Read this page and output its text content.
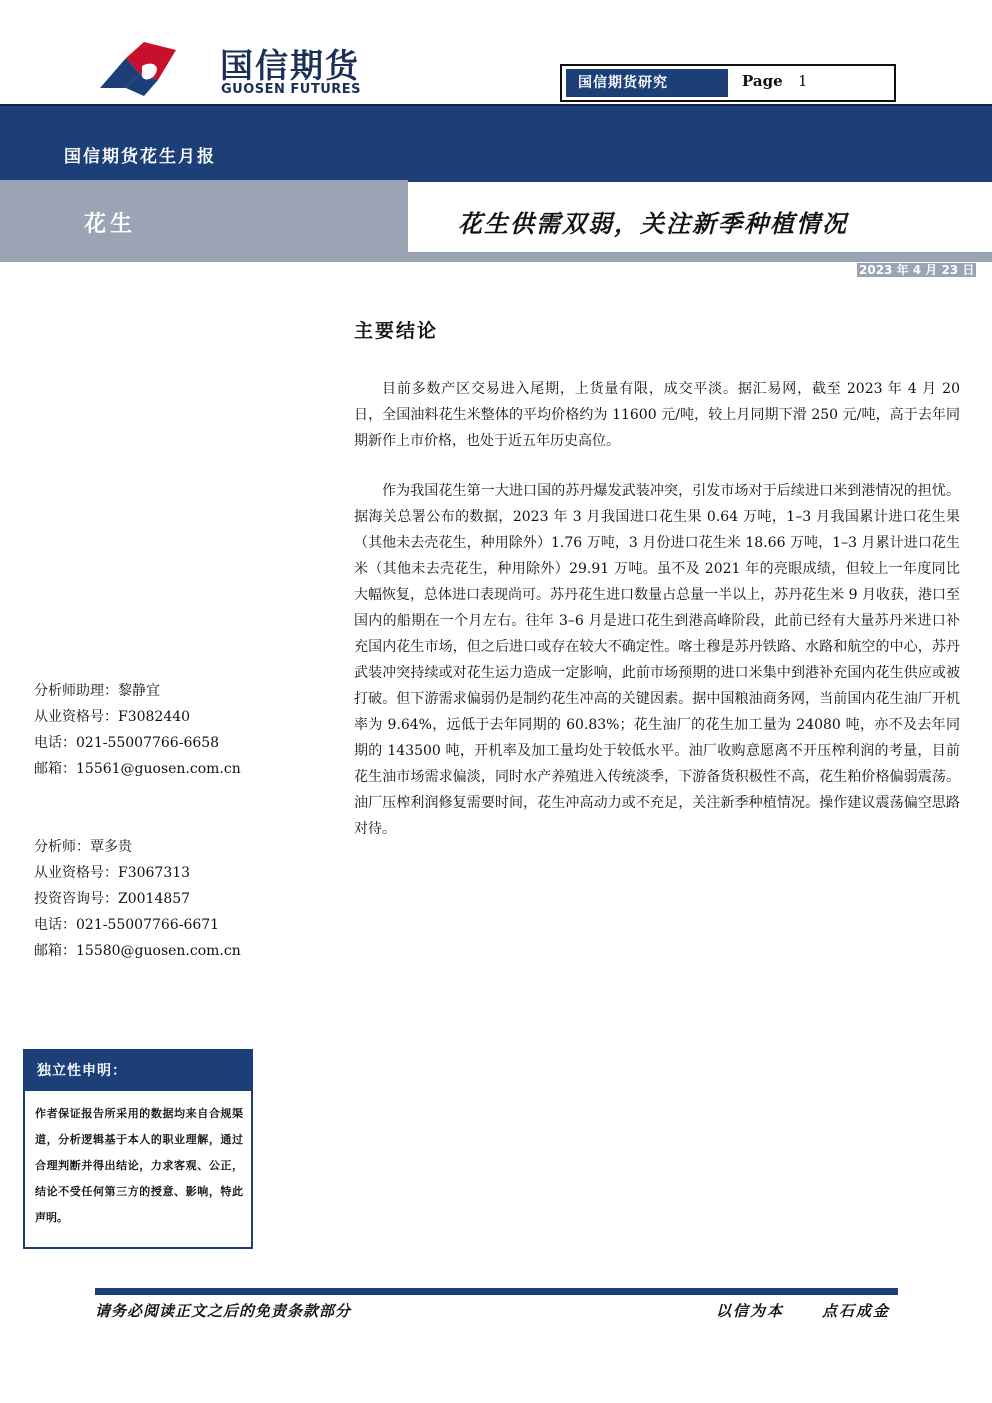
国信期货
GUOSEN FUTURES	国信期货研究	Page 1
国信期货花生月报
花生	花生供需双弱，关注新季种植情况
2023 年 4 月 23 日
主要结论
目前多数产区交易进入尾期，上货量有限，成交平淡。据汇易网，截至 2023 年 4 月 20 日，全国油料花生米整体的平均价格约为 11600 元/吨，较上月同期下滑 250 元/吨，高于去年同期新作上市价格，也处于近五年历史高位。
作为我国花生第一大进口国的苏丹爆发武装冲突，引发市场对于后续进口米到港情况的担忧。据海关总署公布的数据，2023 年 3 月我国进口花生果 0.64 万吨，1–3 月我国累计进口花生果（其他未去壳花生，种用除外）1.76 万吨，3 月份进口花生米 18.66 万吨，1–3 月累计进口花生米（其他未去壳花生，种用除外）29.91 万吨。虽不及 2021 年的亮眼成绩，但较上一年度同比大幅恢复，总体进口表现尚可。苏丹花生进口数量占总量一半以上，苏丹花生米 9 月收获，港口至国内的船期在一个月左右。往年 3–6 月是进口花生到港高峰阶段，此前已经有大量苏丹米进口补充国内花生市场，但之后进口或存在较大不确定性。喀土穆是苏丹铁路、水路和航空的中心，苏丹武装冲突持续或对花生运力造成一定影响，此前市场预期的进口米集中到港补充国内花生供应或被打破。但下游需求偏弱仍是制约花生冲高的关键因素。据中国粮油商务网，当前国内花生油厂开机率为 9.64%，远低于去年同期的 60.83%；花生油厂的花生加工量为 24080 吨，亦不及去年同期的 143500 吨，开机率及加工量均处于较低水平。油厂收购意愿离不开压榨利润的考量，目前花生油市场需求偏淡，同时水产养殖进入传统淡季，下游备货积极性不高，花生粕价格偏弱震荡。油厂压榨利润修复需要时间，花生冲高动力或不充足，关注新季种植情况。操作建议震荡偏空思路对待。
分析师助理：黎静宜
从业资格号：F3082440
电话：021-55007766-6658
邮箱：15561@guosen.com.cn
分析师：覃多贵
从业资格号：F3067313
投资咨询号：Z0014857
电话：021-55007766-6671
邮箱：15580@guosen.com.cn
独立性申明：
作者保证报告所采用的数据均来自合规渠道，分析逻辑基于本人的职业理解，通过合理判断并得出结论，力求客观、公正，结论不受任何第三方的授意、影响，特此声明。
请务必阅读正文之后的免责条款部分	以信为本	点石成金
